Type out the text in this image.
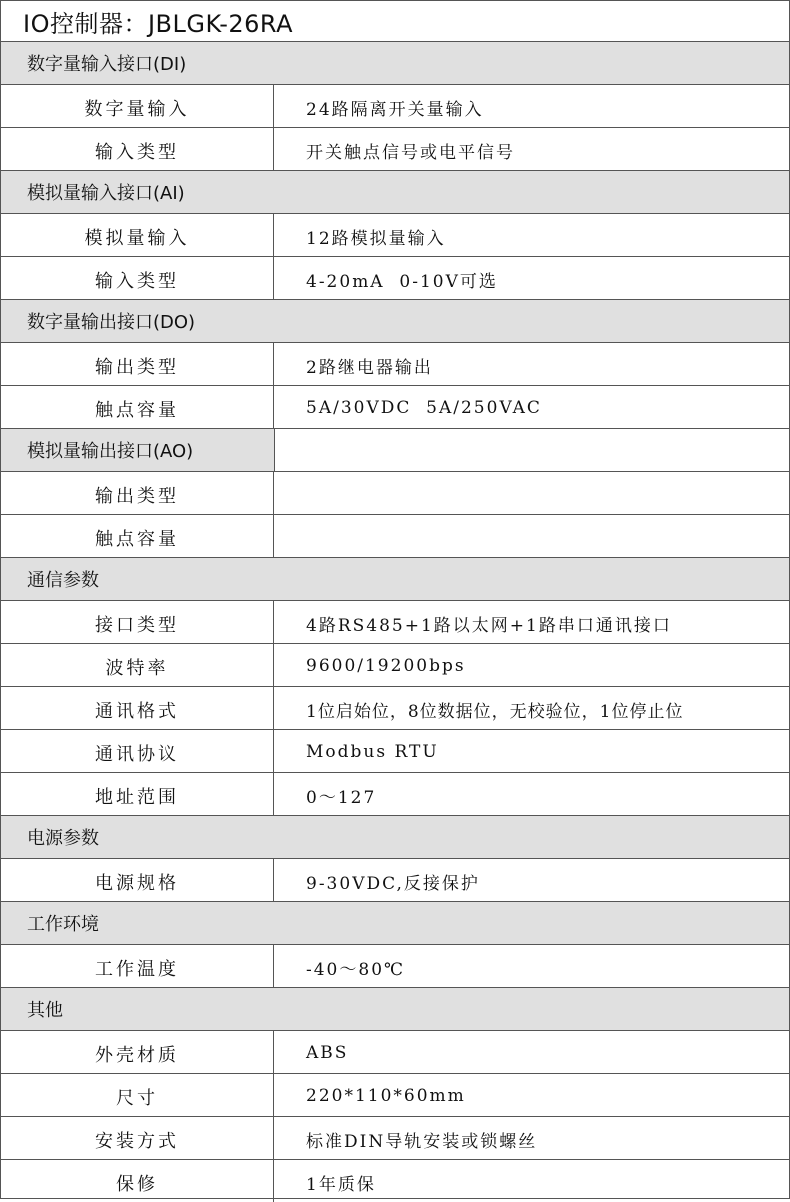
IO控制器：JBLGK-26RA
数字量输入接口(DI)
数字量输入	24路隔离开关量输入
输入类型	开关触点信号或电平信号
模拟量输入接口(AI)
模拟量输入	12路模拟量输入
输入类型	4-20mA  0-10V可选
数字量输出接口(DO)
输出类型	2路继电器输出
触点容量	5A/30VDC  5A/250VAC
模拟量输出接口(AO)
输出类型
触点容量
通信参数
接口类型	4路RS485+1路以太网+1路串口通讯接口
波特率	9600/19200bps
通讯格式	1位启始位，8位数据位，无校验位，1位停止位
通讯协议	Modbus RTU
地址范围	0～127
电源参数
电源规格	9-30VDC,反接保护
工作环境
工作温度	-40～80℃
其他
外壳材质	ABS
尺寸	220*110*60mm
安装方式	标准DIN导轨安装或锁螺丝
保修	1年质保
